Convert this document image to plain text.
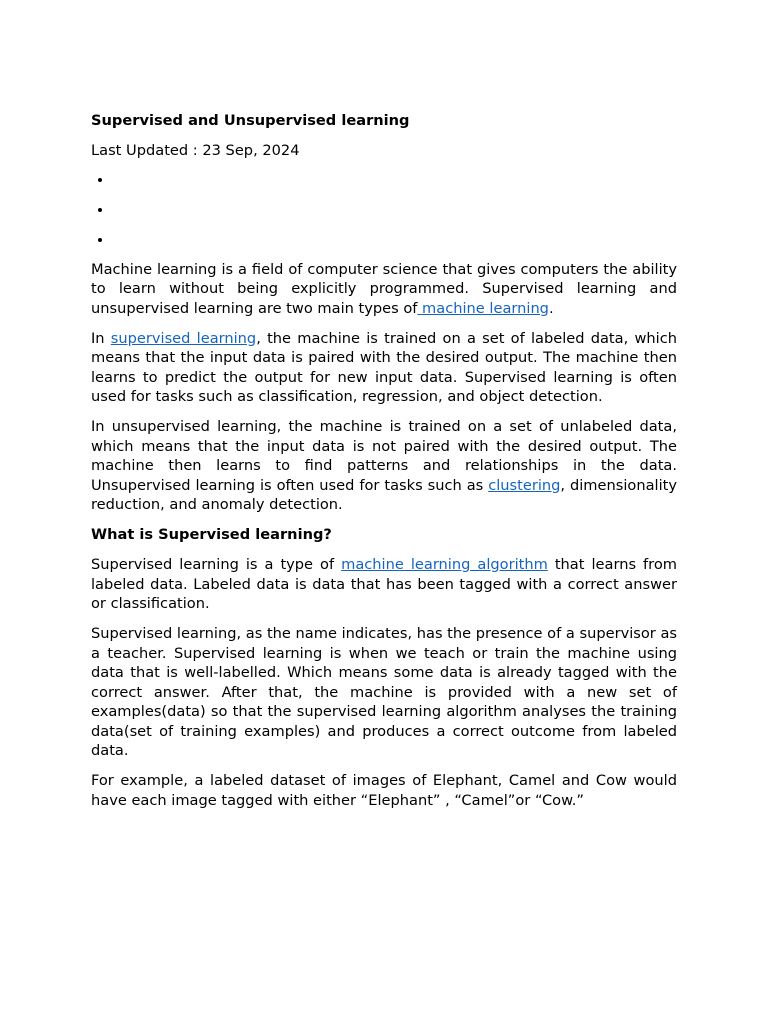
Supervised and Unsupervised learning
Last Updated : 23 Sep, 2024
•
•
•

Machine learning is a field of computer science that gives computers the ability to learn without being explicitly programmed. Supervised learning and unsupervised learning are two main types of machine learning.

In supervised learning, the machine is trained on a set of labeled data, which means that the input data is paired with the desired output. The machine then learns to predict the output for new input data. Supervised learning is often used for tasks such as classification, regression, and object detection.

In unsupervised learning, the machine is trained on a set of unlabeled data, which means that the input data is not paired with the desired output. The machine then learns to find patterns and relationships in the data. Unsupervised learning is often used for tasks such as clustering, dimensionality reduction, and anomaly detection.

What is Supervised learning?

Supervised learning is a type of machine learning algorithm that learns from labeled data. Labeled data is data that has been tagged with a correct answer or classification.

Supervised learning, as the name indicates, has the presence of a supervisor as a teacher. Supervised learning is when we teach or train the machine using data that is well-labelled. Which means some data is already tagged with the correct answer. After that, the machine is provided with a new set of examples(data) so that the supervised learning algorithm analyses the training data(set of training examples) and produces a correct outcome from labeled data.

For example, a labeled dataset of images of Elephant, Camel and Cow would have each image tagged with either “Elephant” , “Camel”or “Cow.”
